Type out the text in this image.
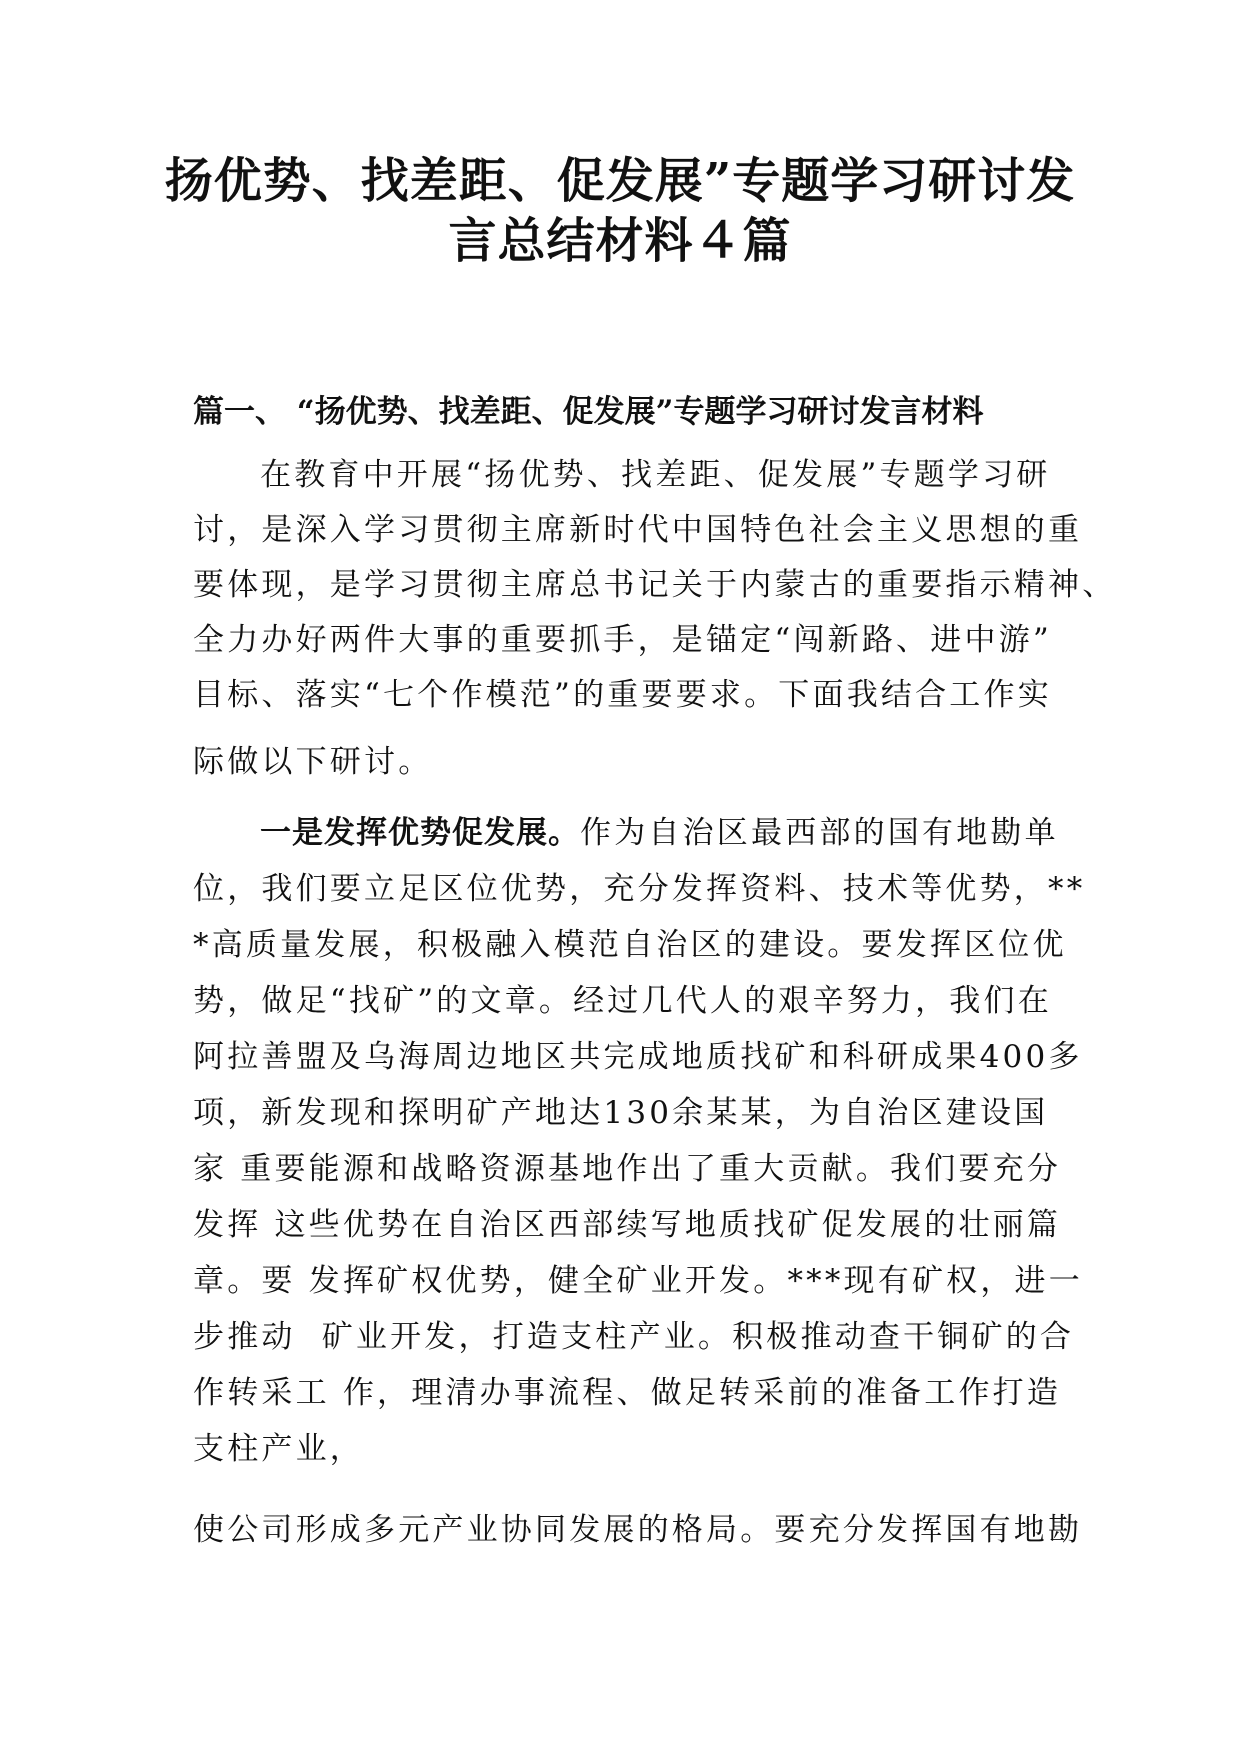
扬优势、找差距、促发展”专题学习研讨发
言总结材料４篇
篇一、 “扬优势、找差距、促发展”专题学习研讨发言材料
在教育中开展“扬优势、找差距、促发展”专题学习研
讨，是深入学习贯彻主席新时代中国特色社会主义思想的重
要体现，是学习贯彻主席总书记关于内蒙古的重要指示精神、
全力办好两件大事的重要抓手，是锚定“闯新路、进中游”
目标、落实“七个作模范”的重要要求。下面我结合工作实
际做以下研讨。
一是发挥优势促发展。作为自治区最西部的国有地勘单
位，我们要立足区位优势，充分发挥资料、技术等优势，**
*高质量发展，积极融入模范自治区的建设。要发挥区位优
势，做足“找矿”的文章。经过几代人的艰辛努力，我们在
阿拉善盟及乌海周边地区共完成地质找矿和科研成果400多
项，新发现和探明矿产地达130余某某，为自治区建设国
家 重要能源和战略资源基地作出了重大贡献。我们要充分
发挥 这些优势在自治区西部续写地质找矿促发展的壮丽篇
章。要 发挥矿权优势，健全矿业开发。***现有矿权，进一
步推动  矿业开发，打造支柱产业。积极推动查干铜矿的合
作转采工 作，理清办事流程、做足转采前的准备工作打造
支柱产业，
使公司形成多元产业协同发展的格局。要充分发挥国有地勘
